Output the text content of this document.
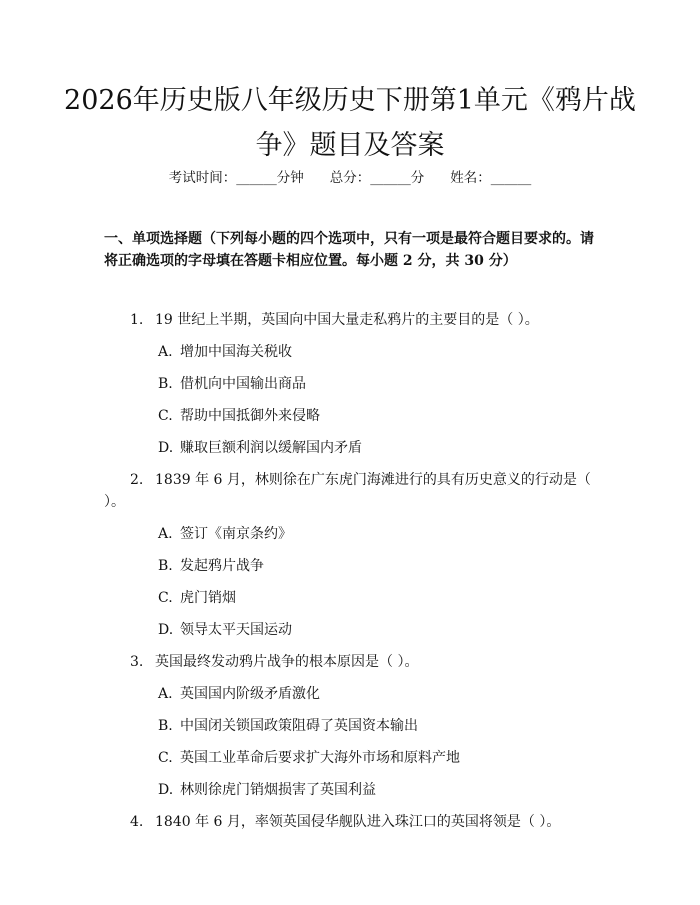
2026年历史版八年级历史下册第1单元《鸦片战争》题目及答案
考试时间：______分钟 总分：______分 姓名：______

一、单项选择题（下列每小题的四个选项中，只有一项是最符合题目要求的。请将正确选项的字母填在答题卡相应位置。每小题 2 分，共 30 分）

1. 19 世纪上半期，英国向中国大量走私鸦片的主要目的是（ ）。

A. 增加中国海关税收

B. 借机向中国输出商品

C. 帮助中国抵御外来侵略

D. 赚取巨额利润以缓解国内矛盾

2. 1839 年 6 月，林则徐在广东虎门海滩进行的具有历史意义的行动是（ ）。

A. 签订《南京条约》

B. 发起鸦片战争

C. 虎门销烟

D. 领导太平天国运动

3. 英国最终发动鸦片战争的根本原因是（ ）。

A. 英国国内阶级矛盾激化

B. 中国闭关锁国政策阻碍了英国资本输出

C. 英国工业革命后要求扩大海外市场和原料产地

D. 林则徐虎门销烟损害了英国利益

4. 1840 年 6 月，率领英国侵华舰队进入珠江口的英国将领是（ ）。
